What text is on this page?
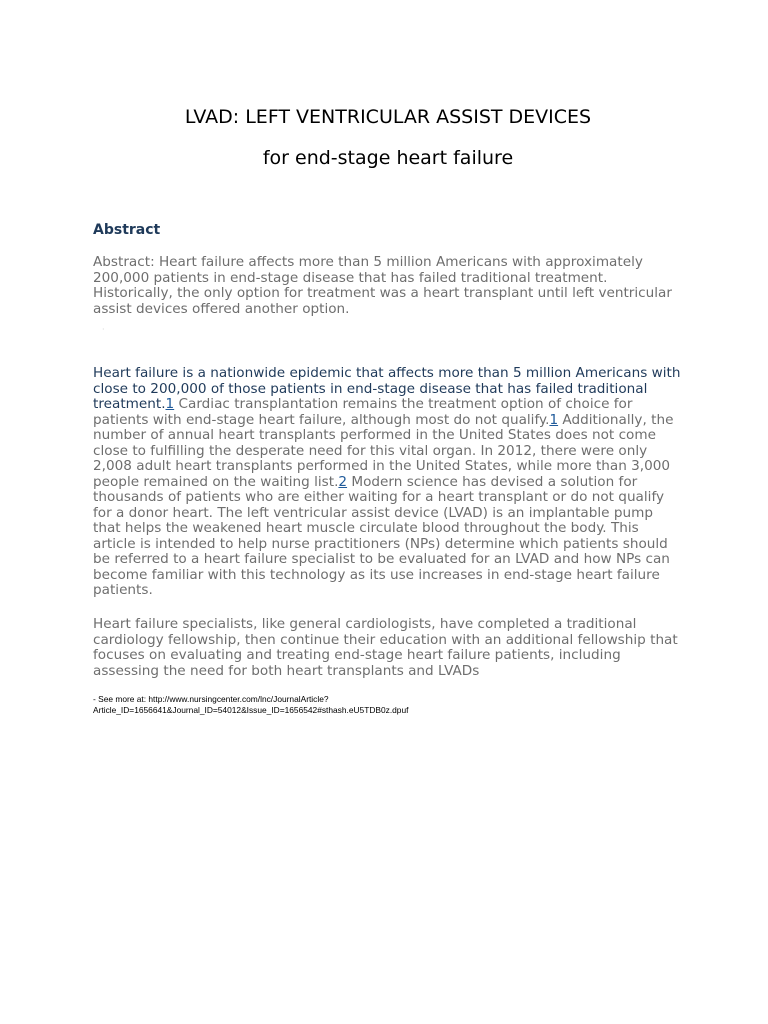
LVAD: LEFT VENTRICULAR ASSIST DEVICES
for end-stage heart failure
Abstract

Abstract: Heart failure affects more than 5 million Americans with approximately 200,000 patients in end-stage disease that has failed traditional treatment. Historically, the only option for treatment was a heart transplant until left ventricular assist devices offered another option.

·

Heart failure is a nationwide epidemic that affects more than 5 million Americans with close to 200,000 of those patients in end-stage disease that has failed traditional treatment.1 Cardiac transplantation remains the treatment option of choice for patients with end-stage heart failure, although most do not qualify.1 Additionally, the number of annual heart transplants performed in the United States does not come close to fulfilling the desperate need for this vital organ. In 2012, there were only 2,008 adult heart transplants performed in the United States, while more than 3,000 people remained on the waiting list.2 Modern science has devised a solution for thousands of patients who are either waiting for a heart transplant or do not qualify for a donor heart. The left ventricular assist device (LVAD) is an implantable pump that helps the weakened heart muscle circulate blood throughout the body. This article is intended to help nurse practitioners (NPs) determine which patients should be referred to a heart failure specialist to be evaluated for an LVAD and how NPs can become familiar with this technology as its use increases in end-stage heart failure patients.

Heart failure specialists, like general cardiologists, have completed a traditional cardiology fellowship, then continue their education with an additional fellowship that focuses on evaluating and treating end-stage heart failure patients, including assessing the need for both heart transplants and LVADs

- See more at: http://www.nursingcenter.com/lnc/JournalArticle?
Article_ID=1656641&Journal_ID=54012&Issue_ID=1656542#sthash.eU5TDB0z.dpuf
